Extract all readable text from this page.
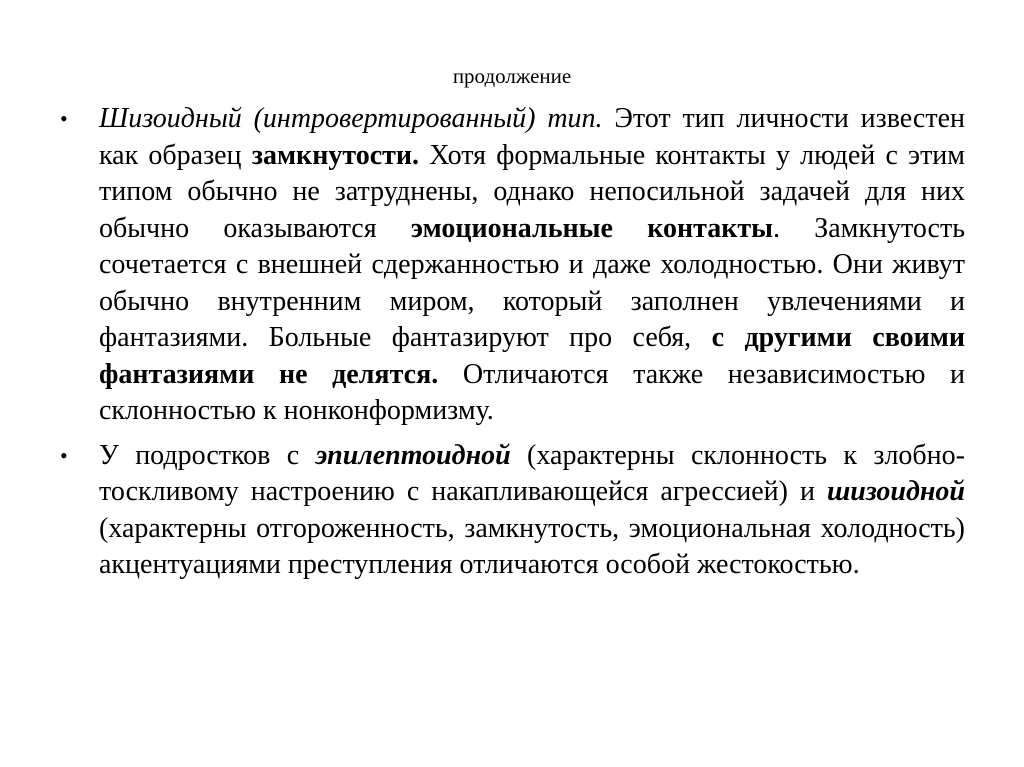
продолжение
•	Шизоидный (интровертированный) тип. Этот тип личности известен как образец замкнутости. Хотя формальные контакты у людей с этим типом обычно не затруднены, однако непосильной задачей для них обычно оказываются эмоциональные контакты. Замкнутость сочетается с внешней сдержанностью и даже холодностью. Они живут обычно внутренним миром, который заполнен увлечениями и фантазиями. Больные фантазируют про себя, с другими своими фантазиями не делятся. Отличаются также независимостью и склонностью к нонконформизму.
•	У подростков с эпилептоидной (характерны склонность к злобно-тоскливому настроению с накапливающейся агрессией) и шизоидной (характерны отгороженность, замкнутость, эмоциональная холодность) акцентуациями преступления отличаются особой жестокостью.
